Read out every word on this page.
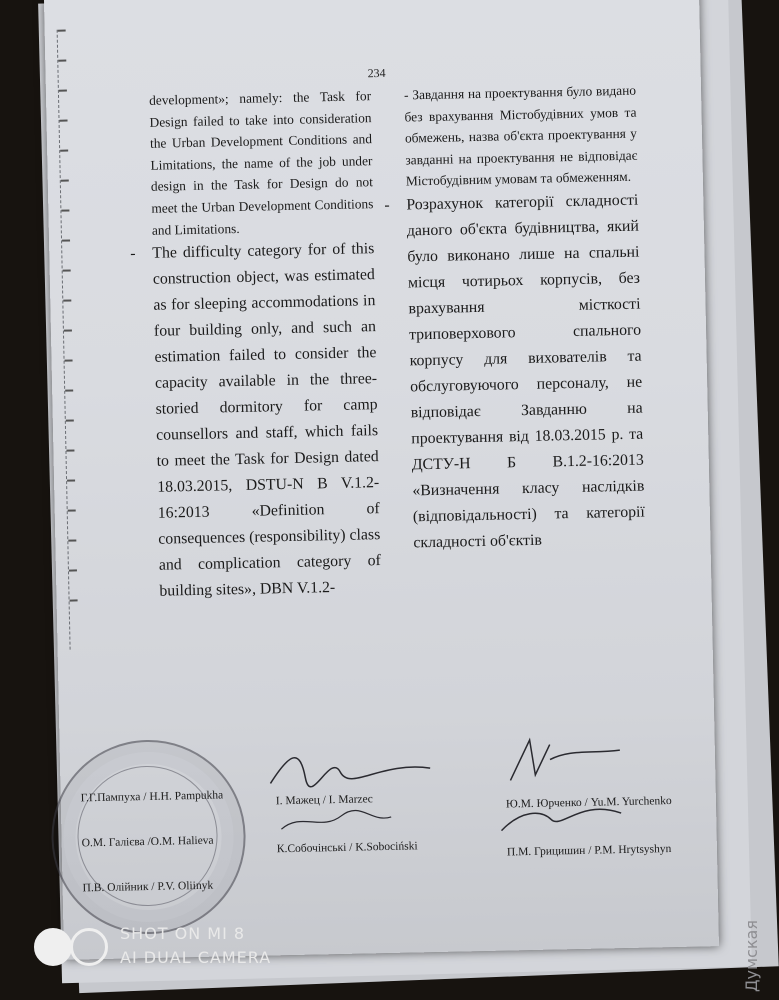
234

development»; namely: the Task for Design failed to take into consideration the Urban Development Conditions and Limitations, the name of the job under design in the Task for Design do not meet the Urban Development Conditions and Limitations.

- The difficulty category for of this construction object, was estimated as for sleeping accommodations in four building only, and such an estimation failed to consider the capacity available in the three-storied dormitory for camp counsellors and staff, which fails to meet the Task for Design dated 18.03.2015, DSTU-N B V.1.2-16:2013 «Definition of consequences (responsibility) class and complication category of building sites», DBN V.1.2-

- Завдання на проектування було видано без врахування Містобудівних умов та обмежень, назва об'єкта проектування у завданні на проектування не відповідає Містобудівним умовам та обмеженням.

- Розрахунок категорії складності даного об'єкта будівництва, який було виконано лише на спальні місця чотирьох корпусів, без врахування місткості триповерхового спального корпусу для вихователів та обслуговуючого персоналу, не відповідає Завданню на проектування від 18.03.2015 р. та ДСТУ-Н Б В.1.2-16:2013 «Визначення класу наслідків (відповідальності) та категорії складності об'єктів

Г.Г.Пампуха / Н.Н. Pampukha	І. Мажец / I. Marzec	Ю.М. Юрченко / Yu.M. Yurchenko
О.М. Галієва /О.М. Halieva	К.Собочінські / K.Sobociński	П.М. Грицишин / P.M. Hrytsyshyn
П.В. Олійник / P.V. Oliinyk
SHOT ON MI 8
AI DUAL CAMERA	Думская
